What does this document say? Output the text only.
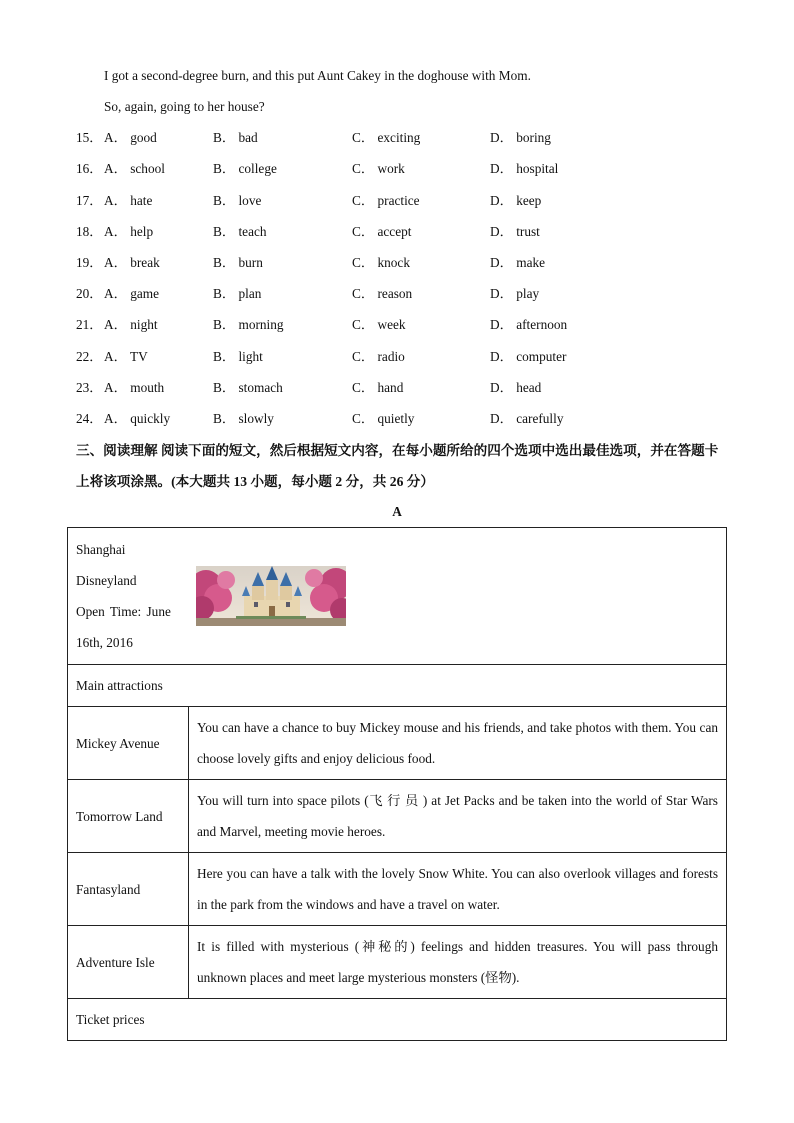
I got a second-degree burn, and this put Aunt Cakey in the doghouse with Mom.
So, again, going to her house?
15． A． good	B． bad	C． exciting	D． boring
16． A． school	B． college	C． work	D． hospital
17． A． hate	B． love	C． practice	D． keep
18． A． help	B． teach	C． accept	D． trust
19． A． break	B． burn	C． knock	D． make
20． A． game	B． plan	C． reason	D． play
21． A． night	B． morning	C． week	D． afternoon
22． A． TV	B． light	C． radio	D． computer
23． A． mouth	B． stomach	C． hand	D． head
24． A． quickly	B． slowly	C． quietly	D． carefully
三、阅读理解 阅读下面的短文，然后根据短文内容，在每小题所给的四个选项中选出最佳选项，并在答题卡上将该项涂黑。(本大题共 13 小题，每小题 2 分，共 26 分）
A
Shanghai
Disneyland
Open Time: June
16th, 2016	

Main attractions	
Mickey Avenue	You can have a chance to buy Mickey mouse and his friends, and take photos with them. You can choose lovely gifts and enjoy delicious food.
Tomorrow Land	You will turn into space pilots (飞 行 员 ) at Jet Packs and be taken into the world of Star Wars and Marvel, meeting movie heroes.
Fantasyland	Here you can have a talk with the lovely Snow White. You can also overlook villages and forests in the park from the windows and have a travel on water.
Adventure Isle	It is filled with mysterious (神秘的) feelings and hidden treasures. You will pass through unknown places and meet large mysterious monsters (怪物).
Ticket prices	
